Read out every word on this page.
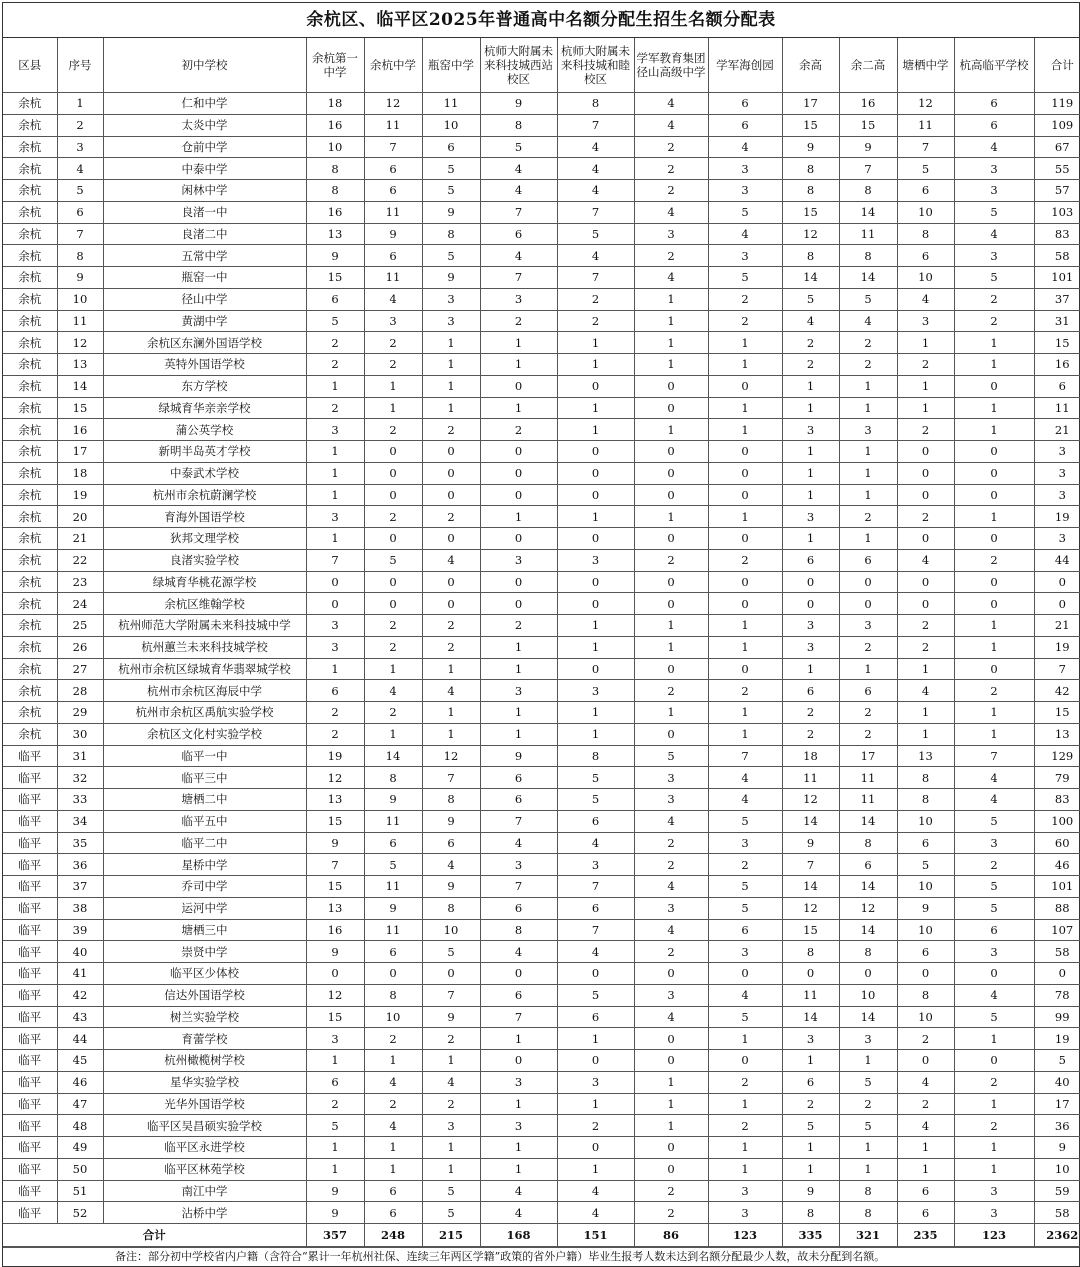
余杭区、临平区2025年普通高中名额分配生招生名额分配表
区县	序号	初中学校	余杭第一中学	余杭中学	瓶窑中学	杭师大附属未来科技城西站校区	杭师大附属未来科技城和睦校区	学军教育集团径山高级中学	学军海创园	余高	余二高	塘栖中学	杭高临平学校	合计
余杭	1	仁和中学	18	12	11	9	8	4	6	17	16	12	6	119
余杭	2	太炎中学	16	11	10	8	7	4	6	15	15	11	6	109
余杭	3	仓前中学	10	7	6	5	4	2	4	9	9	7	4	67
余杭	4	中泰中学	8	6	5	4	4	2	3	8	7	5	3	55
余杭	5	闲林中学	8	6	5	4	4	2	3	8	8	6	3	57
余杭	6	良渚一中	16	11	9	7	7	4	5	15	14	10	5	103
余杭	7	良渚二中	13	9	8	6	5	3	4	12	11	8	4	83
余杭	8	五常中学	9	6	5	4	4	2	3	8	8	6	3	58
余杭	9	瓶窑一中	15	11	9	7	7	4	5	14	14	10	5	101
余杭	10	径山中学	6	4	3	3	2	1	2	5	5	4	2	37
余杭	11	黄湖中学	5	3	3	2	2	1	2	4	4	3	2	31
余杭	12	余杭区东澜外国语学校	2	2	1	1	1	1	1	2	2	1	1	15
余杭	13	英特外国语学校	2	2	1	1	1	1	1	2	2	2	1	16
余杭	14	东方学校	1	1	1	0	0	0	0	1	1	1	0	6
余杭	15	绿城育华亲亲学校	2	1	1	1	1	0	1	1	1	1	1	11
余杭	16	蒲公英学校	3	2	2	2	1	1	1	3	3	2	1	21
余杭	17	新明半岛英才学校	1	0	0	0	0	0	0	1	1	0	0	3
余杭	18	中泰武术学校	1	0	0	0	0	0	0	1	1	0	0	3
余杭	19	杭州市余杭蔚澜学校	1	0	0	0	0	0	0	1	1	0	0	3
余杭	20	育海外国语学校	3	2	2	1	1	1	1	3	2	2	1	19
余杭	21	狄邦文理学校	1	0	0	0	0	0	0	1	1	0	0	3
余杭	22	良渚实验学校	7	5	4	3	3	2	2	6	6	4	2	44
余杭	23	绿城育华桃花源学校	0	0	0	0	0	0	0	0	0	0	0	0
余杭	24	余杭区维翰学校	0	0	0	0	0	0	0	0	0	0	0	0
余杭	25	杭州师范大学附属未来科技城中学	3	2	2	2	1	1	1	3	3	2	1	21
余杭	26	杭州蕙兰未来科技城学校	3	2	2	1	1	1	1	3	2	2	1	19
余杭	27	杭州市余杭区绿城育华翡翠城学校	1	1	1	1	0	0	0	1	1	1	0	7
余杭	28	杭州市余杭区海辰中学	6	4	4	3	3	2	2	6	6	4	2	42
余杭	29	杭州市余杭区禹航实验学校	2	2	1	1	1	1	1	2	2	1	1	15
余杭	30	余杭区文化村实验学校	2	1	1	1	1	0	1	2	2	1	1	13
临平	31	临平一中	19	14	12	9	8	5	7	18	17	13	7	129
临平	32	临平三中	12	8	7	6	5	3	4	11	11	8	4	79
临平	33	塘栖二中	13	9	8	6	5	3	4	12	11	8	4	83
临平	34	临平五中	15	11	9	7	6	4	5	14	14	10	5	100
临平	35	临平二中	9	6	6	4	4	2	3	9	8	6	3	60
临平	36	星桥中学	7	5	4	3	3	2	2	7	6	5	2	46
临平	37	乔司中学	15	11	9	7	7	4	5	14	14	10	5	101
临平	38	运河中学	13	9	8	6	6	3	5	12	12	9	5	88
临平	39	塘栖三中	16	11	10	8	7	4	6	15	14	10	6	107
临平	40	崇贤中学	9	6	5	4	4	2	3	8	8	6	3	58
临平	41	临平区少体校	0	0	0	0	0	0	0	0	0	0	0	0
临平	42	信达外国语学校	12	8	7	6	5	3	4	11	10	8	4	78
临平	43	树兰实验学校	15	10	9	7	6	4	5	14	14	10	5	99
临平	44	育蕾学校	3	2	2	1	1	0	1	3	3	2	1	19
临平	45	杭州橄榄树学校	1	1	1	0	0	0	0	1	1	0	0	5
临平	46	星华实验学校	6	4	4	3	3	1	2	6	5	4	2	40
临平	47	光华外国语学校	2	2	2	1	1	1	1	2	2	2	1	17
临平	48	临平区吴昌硕实验学校	5	4	3	3	2	1	2	5	5	4	2	36
临平	49	临平区永进学校	1	1	1	1	0	0	1	1	1	1	1	9
临平	50	临平区林苑学校	1	1	1	1	1	0	1	1	1	1	1	10
临平	51	南江中学	9	6	5	4	4	2	3	9	8	6	3	59
临平	52	沾桥中学	9	6	5	4	4	2	3	8	8	6	3	58
合计			357	248	215	168	151	86	123	335	321	235	123	2362
备注：部分初中学校省内户籍（含符合“累计一年杭州社保、连续三年两区学籍”政策的省外户籍）毕业生报考人数未达到名额分配最少人数，故未分配到名额。
